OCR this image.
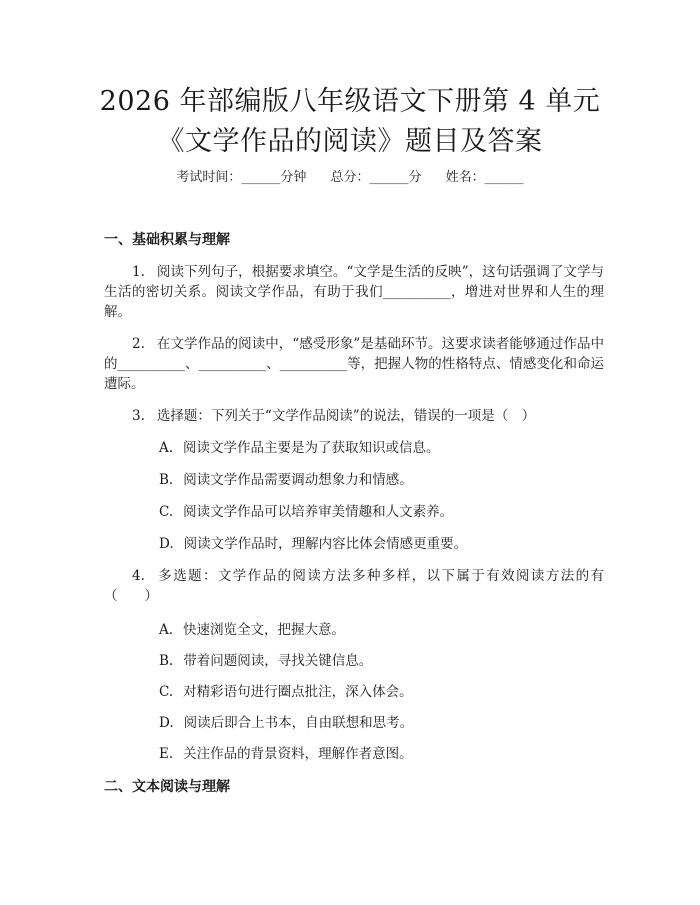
2026 年部编版八年级语文下册第 4 单元《文学作品的阅读》题目及答案
考试时间：______分钟 总分：______分 姓名：______
一、基础积累与理解

1. 阅读下列句子，根据要求填空。“文学是生活的反映”，这句话强调了文学与生活的密切关系。阅读文学作品，有助于我们__________，增进对世界和人生的理解。

2. 在文学作品的阅读中，“感受形象”是基础环节。这要求读者能够通过作品中的__________、__________、__________等，把握人物的性格特点、情感变化和命运遭际。

3. 选择题：下列关于“文学作品阅读”的说法，错误的一项是（　）

A. 阅读文学作品主要是为了获取知识或信息。

B. 阅读文学作品需要调动想象力和情感。

C. 阅读文学作品可以培养审美情趣和人文素养。

D. 阅读文学作品时，理解内容比体会情感更重要。

4. 多选题：文学作品的阅读方法多种多样，以下属于有效阅读方法的有（　　）

A. 快速浏览全文，把握大意。

B. 带着问题阅读，寻找关键信息。

C. 对精彩语句进行圈点批注，深入体会。

D. 阅读后即合上书本，自由联想和思考。

E. 关注作品的背景资料，理解作者意图。

二、文本阅读与理解
